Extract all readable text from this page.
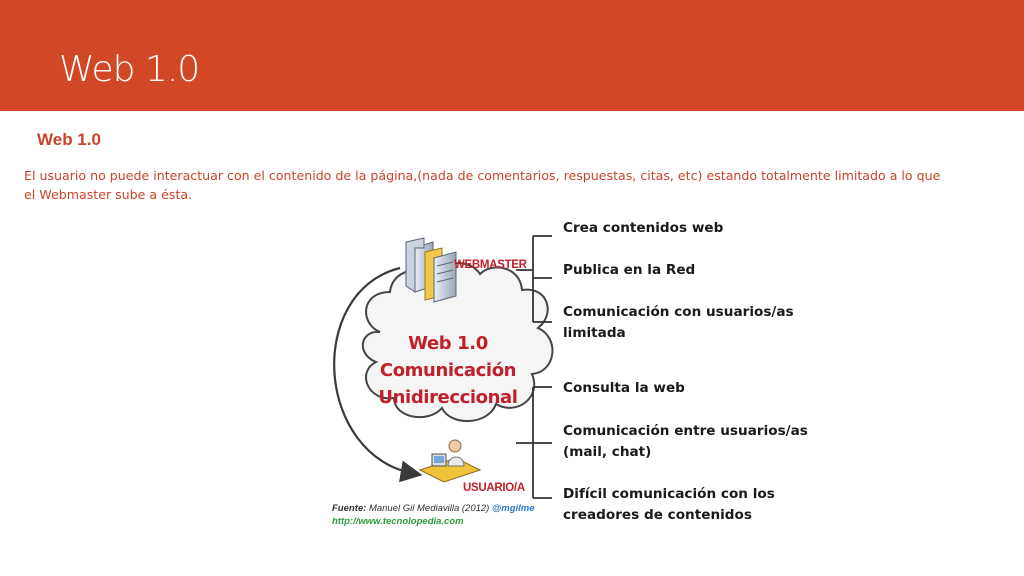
Web 1.0
Web 1.0
El usuario no puede interactuar con el contenido de la página,(nada de comentarios, respuestas, citas, etc) estando totalmente limitado a lo que el Webmaster sube a ésta.
WEBMASTER
USUARIO/A
Web 1.0
Comunicación
Unidireccional
Crea contenidos web
Publica en la Red
Comunicación con usuarios/as
limitada
Consulta la web
Comunicación entre usuarios/as
(mail, chat)
Difícil comunicación con los
creadores de contenidos
Fuente: Manuel Gil Mediavilla (2012) @mgilme
http://www.tecnolopedia.com
